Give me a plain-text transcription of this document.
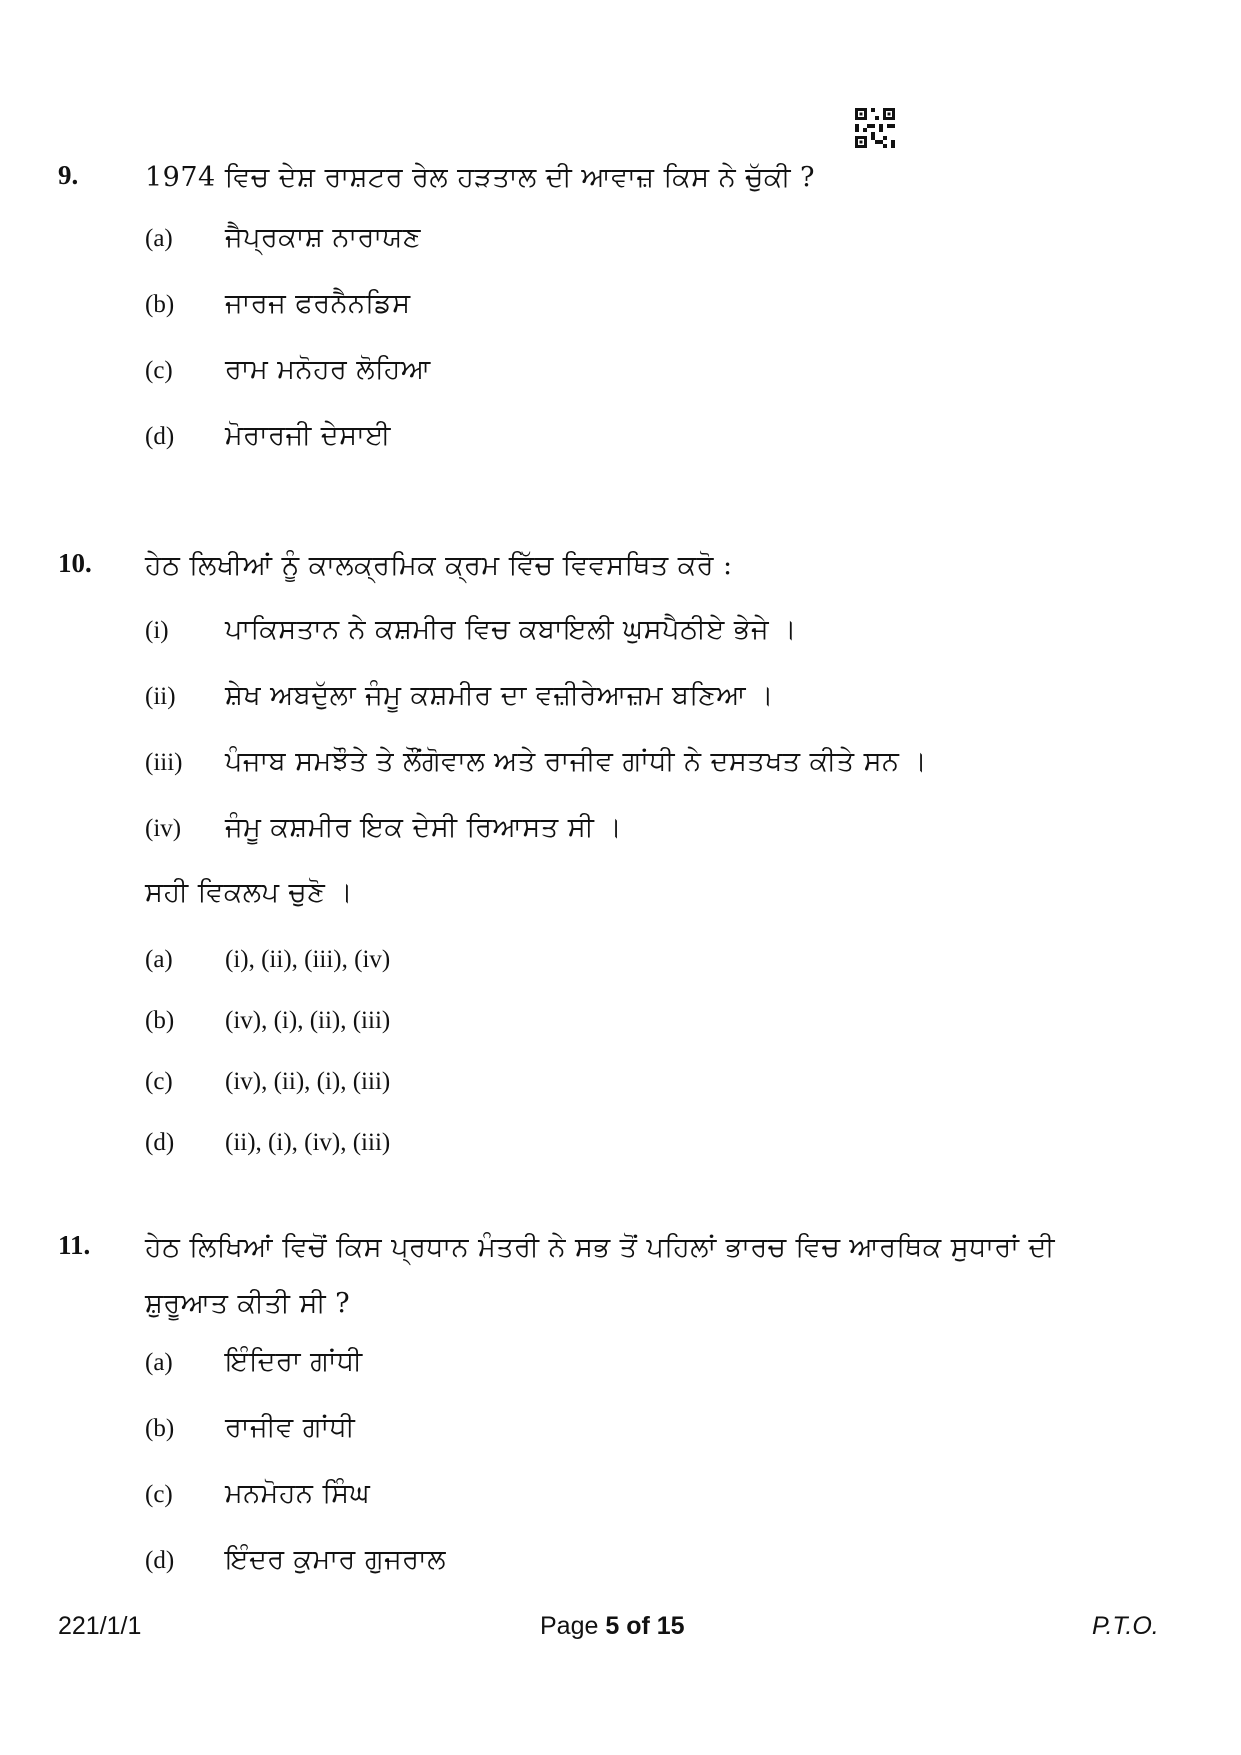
9. 1974 ਵਿਚ ਦੇਸ਼ ਰਾਸ਼ਟਰ ਰੇਲ ਹੜਤਾਲ ਦੀ ਆਵਾਜ਼ ਕਿਸ ਨੇ ਚੁੱਕੀ ?
(a) ਜੈਪ੍ਰਕਾਸ਼ ਨਾਰਾਯਣ
(b) ਜਾਰਜ ਫਰਨੈਨਡਿਸ
(c) ਰਾਮ ਮਨੋਹਰ ਲੋਹਿਆ
(d) ਮੋਰਾਰਜੀ ਦੇਸਾਈ
10. ਹੇਠ ਲਿਖੀਆਂ ਨੂੰ ਕਾਲਕ੍ਰਮਿਕ ਕ੍ਰਮ ਵਿੱਚ ਵਿਵਸਥਿਤ ਕਰੋ :
(i) ਪਾਕਿਸਤਾਨ ਨੇ ਕਸ਼ਮੀਰ ਵਿਚ ਕਬਾਇਲੀ ਘੁਸਪੈਠੀਏ ਭੇਜੇ ।
(ii) ਸ਼ੇਖ ਅਬਦੁੱਲਾ ਜੰਮੂ ਕਸ਼ਮੀਰ ਦਾ ਵਜ਼ੀਰੇਆਜ਼ਮ ਬਣਿਆ ।
(iii) ਪੰਜਾਬ ਸਮਝੌਤੇ ਤੇ ਲੌਂਗੋਵਾਲ ਅਤੇ ਰਾਜੀਵ ਗਾਂਧੀ ਨੇ ਦਸਤਖਤ ਕੀਤੇ ਸਨ ।
(iv) ਜੰਮੂ ਕਸ਼ਮੀਰ ਇਕ ਦੇਸੀ ਰਿਆਸਤ ਸੀ ।
ਸਹੀ ਵਿਕਲਪ ਚੁਣੋ ।
(a) (i), (ii), (iii), (iv)
(b) (iv), (i), (ii), (iii)
(c) (iv), (ii), (i), (iii)
(d) (ii), (i), (iv), (iii)
11. ਹੇਠ ਲਿਖਿਆਂ ਵਿਚੋਂ ਕਿਸ ਪ੍ਰਧਾਨ ਮੰਤਰੀ ਨੇ ਸਭ ਤੋਂ ਪਹਿਲਾਂ ਭਾਰਚ ਵਿਚ ਆਰਥਿਕ ਸੁਧਾਰਾਂ ਦੀ ਸ਼ੁਰੂਆਤ ਕੀਤੀ ਸੀ ?
(a) ਇੰਦਿਰਾ ਗਾਂਧੀ
(b) ਰਾਜੀਵ ਗਾਂਧੀ
(c) ਮਨਮੋਹਨ ਸਿੰਘ
(d) ਇੰਦਰ ਕੁਮਾਰ ਗੁਜਰਾਲ
221/1/1	Page 5 of 15	P.T.O.
